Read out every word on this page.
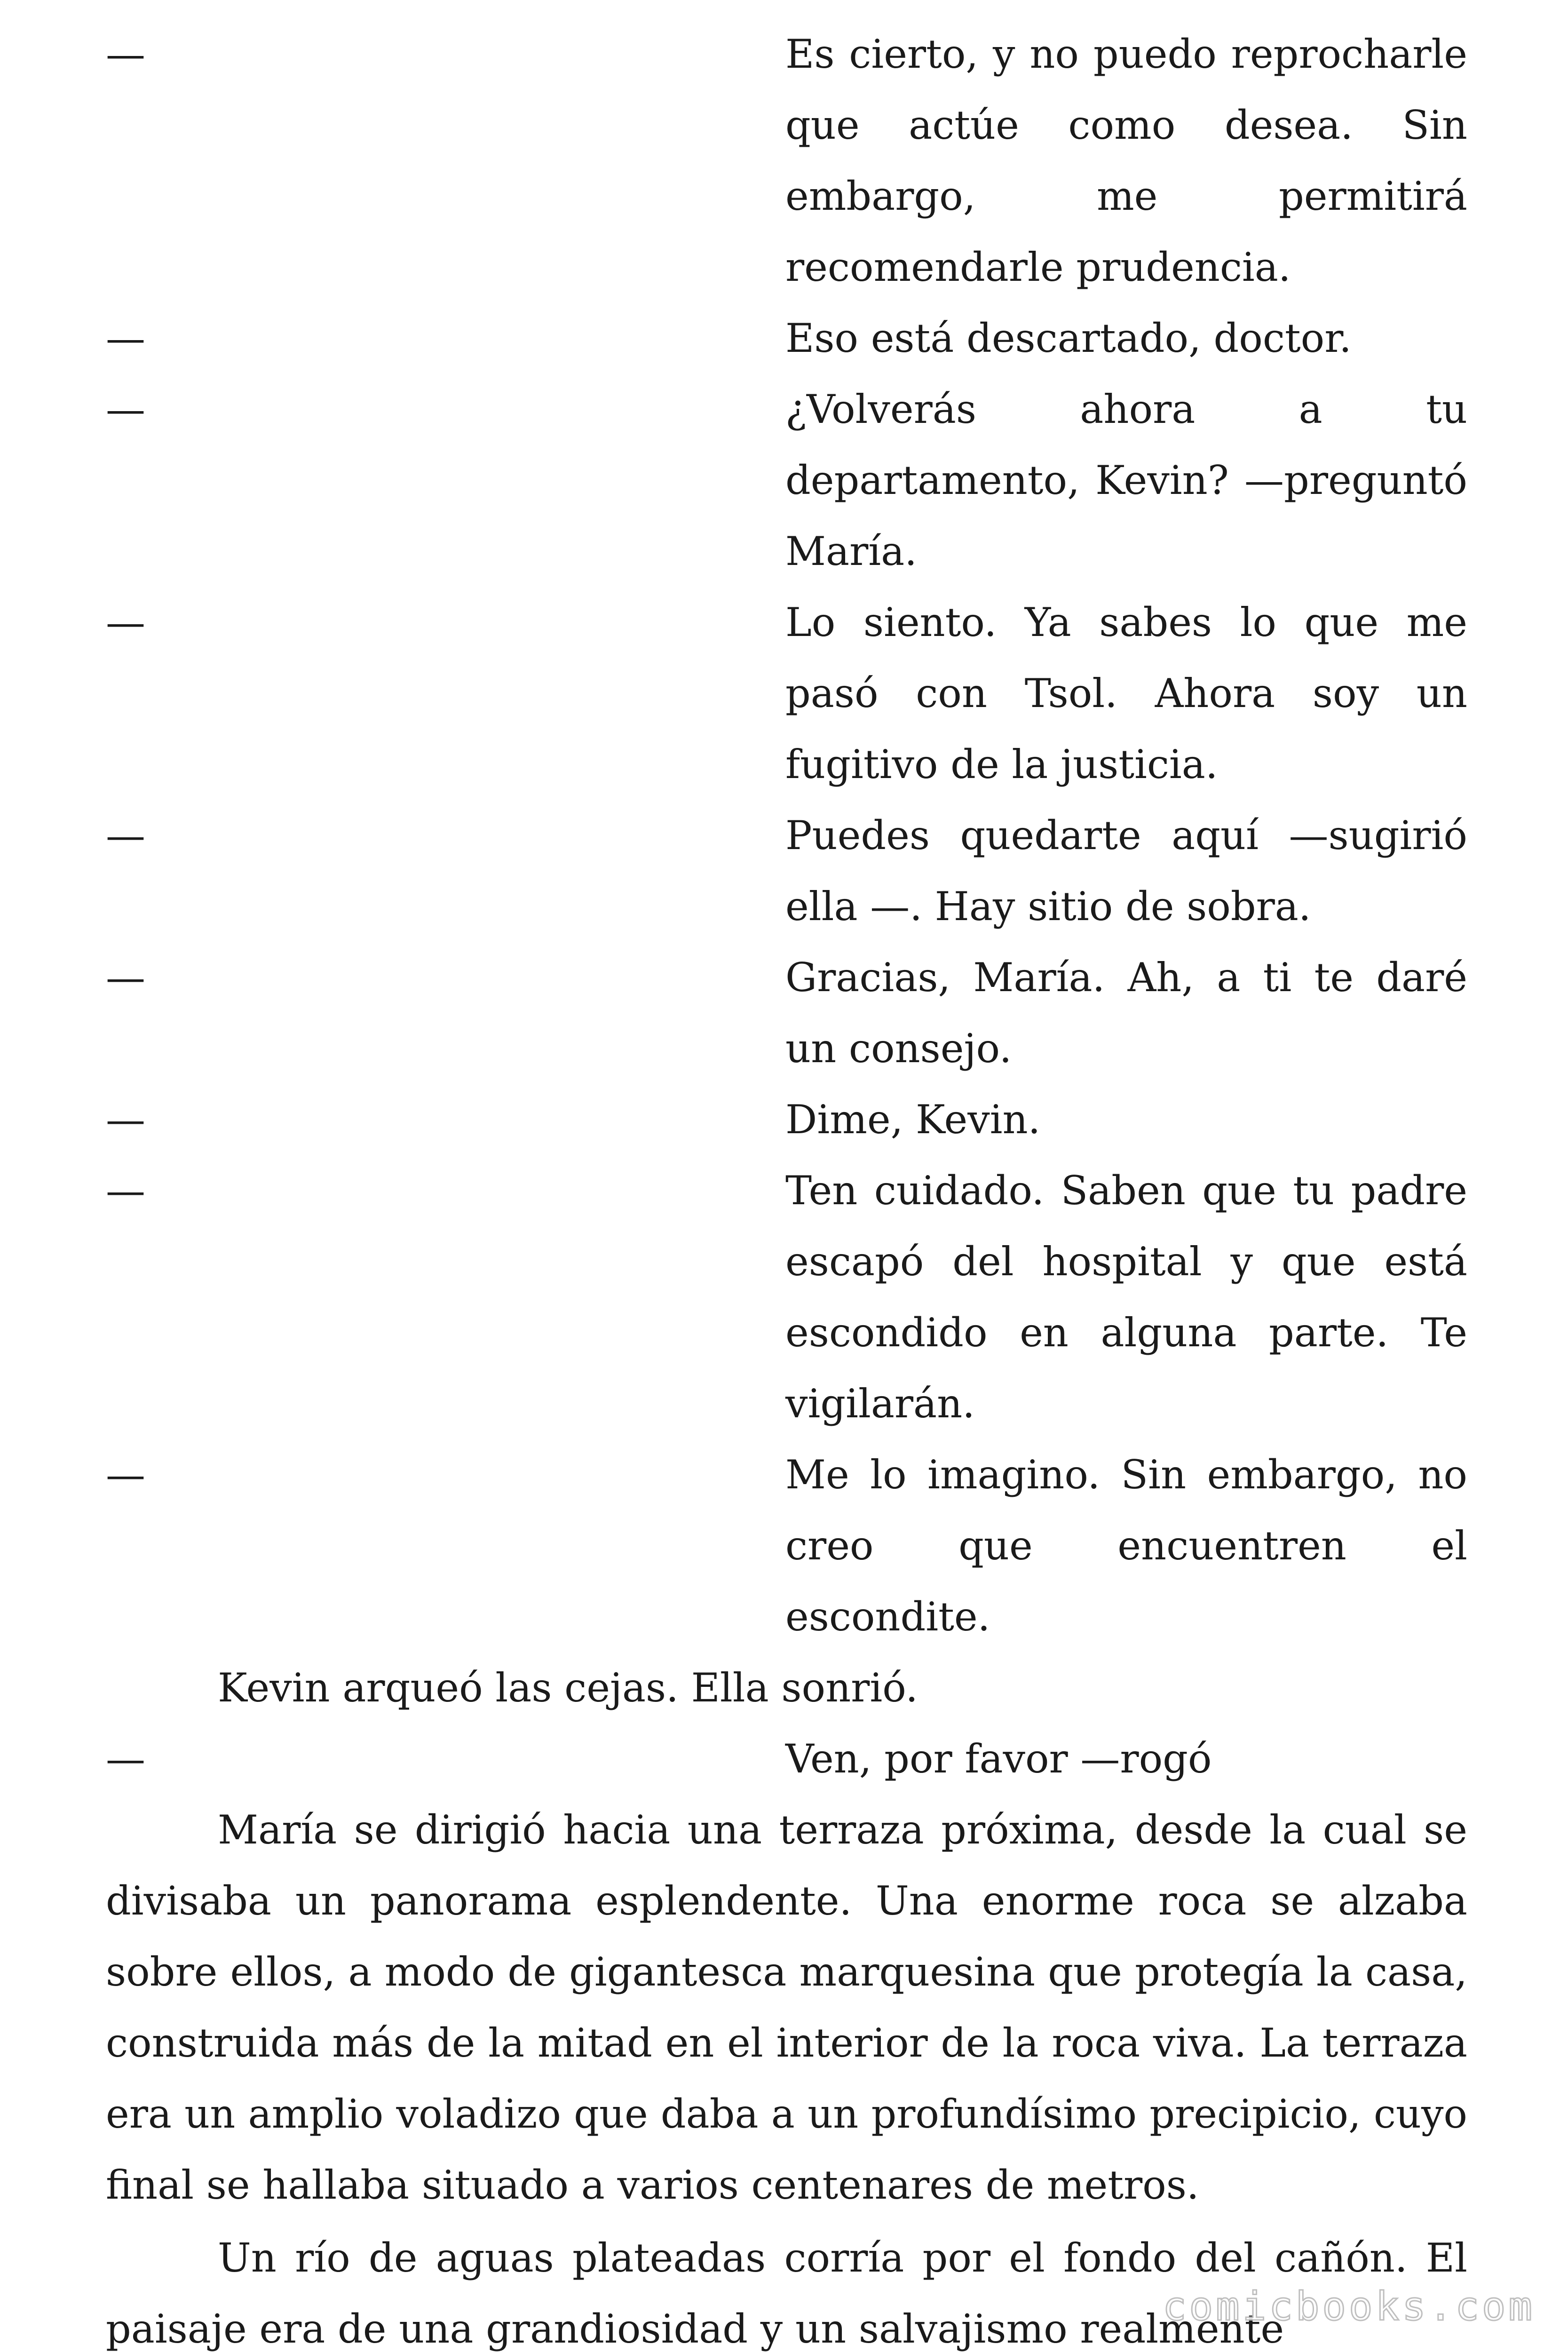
—	Es cierto, y no puedo reprocharle que actúe como desea. Sin embargo, me permitirá recomendarle prudencia.
—	Eso está descartado, doctor.
—	¿Volverás ahora a tu departamento, Kevin? —preguntó María.
—	Lo siento. Ya sabes lo que me pasó con Tsol. Ahora soy un fugitivo de la justicia.
—	Puedes quedarte aquí —sugirió ella —. Hay sitio de sobra.
—	Gracias, María. Ah, a ti te daré un consejo.
—	Dime, Kevin.
—	Ten cuidado. Saben que tu padre escapó del hospital y que está escondido en alguna parte. Te vigilarán.
—	Me lo imagino. Sin embargo, no creo que encuentren el escondite.

Kevin arqueó las cejas. Ella sonrió.

—	Ven, por favor —rogó

María se dirigió hacia una terraza próxima, desde la cual se divisaba un panorama esplendente. Una enorme roca se alzaba sobre ellos, a modo de gigantesca marquesina que protegía la casa, construida más de la mitad en el interior de la roca viva. La terraza era un amplio voladizo que daba a un profundísimo precipicio, cuyo final se hallaba situado a varios centenares de metros.

Un río de aguas plateadas corría por el fondo del cañón. El paisaje era de una grandiosidad y un salvajismo realmente

comicbooks.com
